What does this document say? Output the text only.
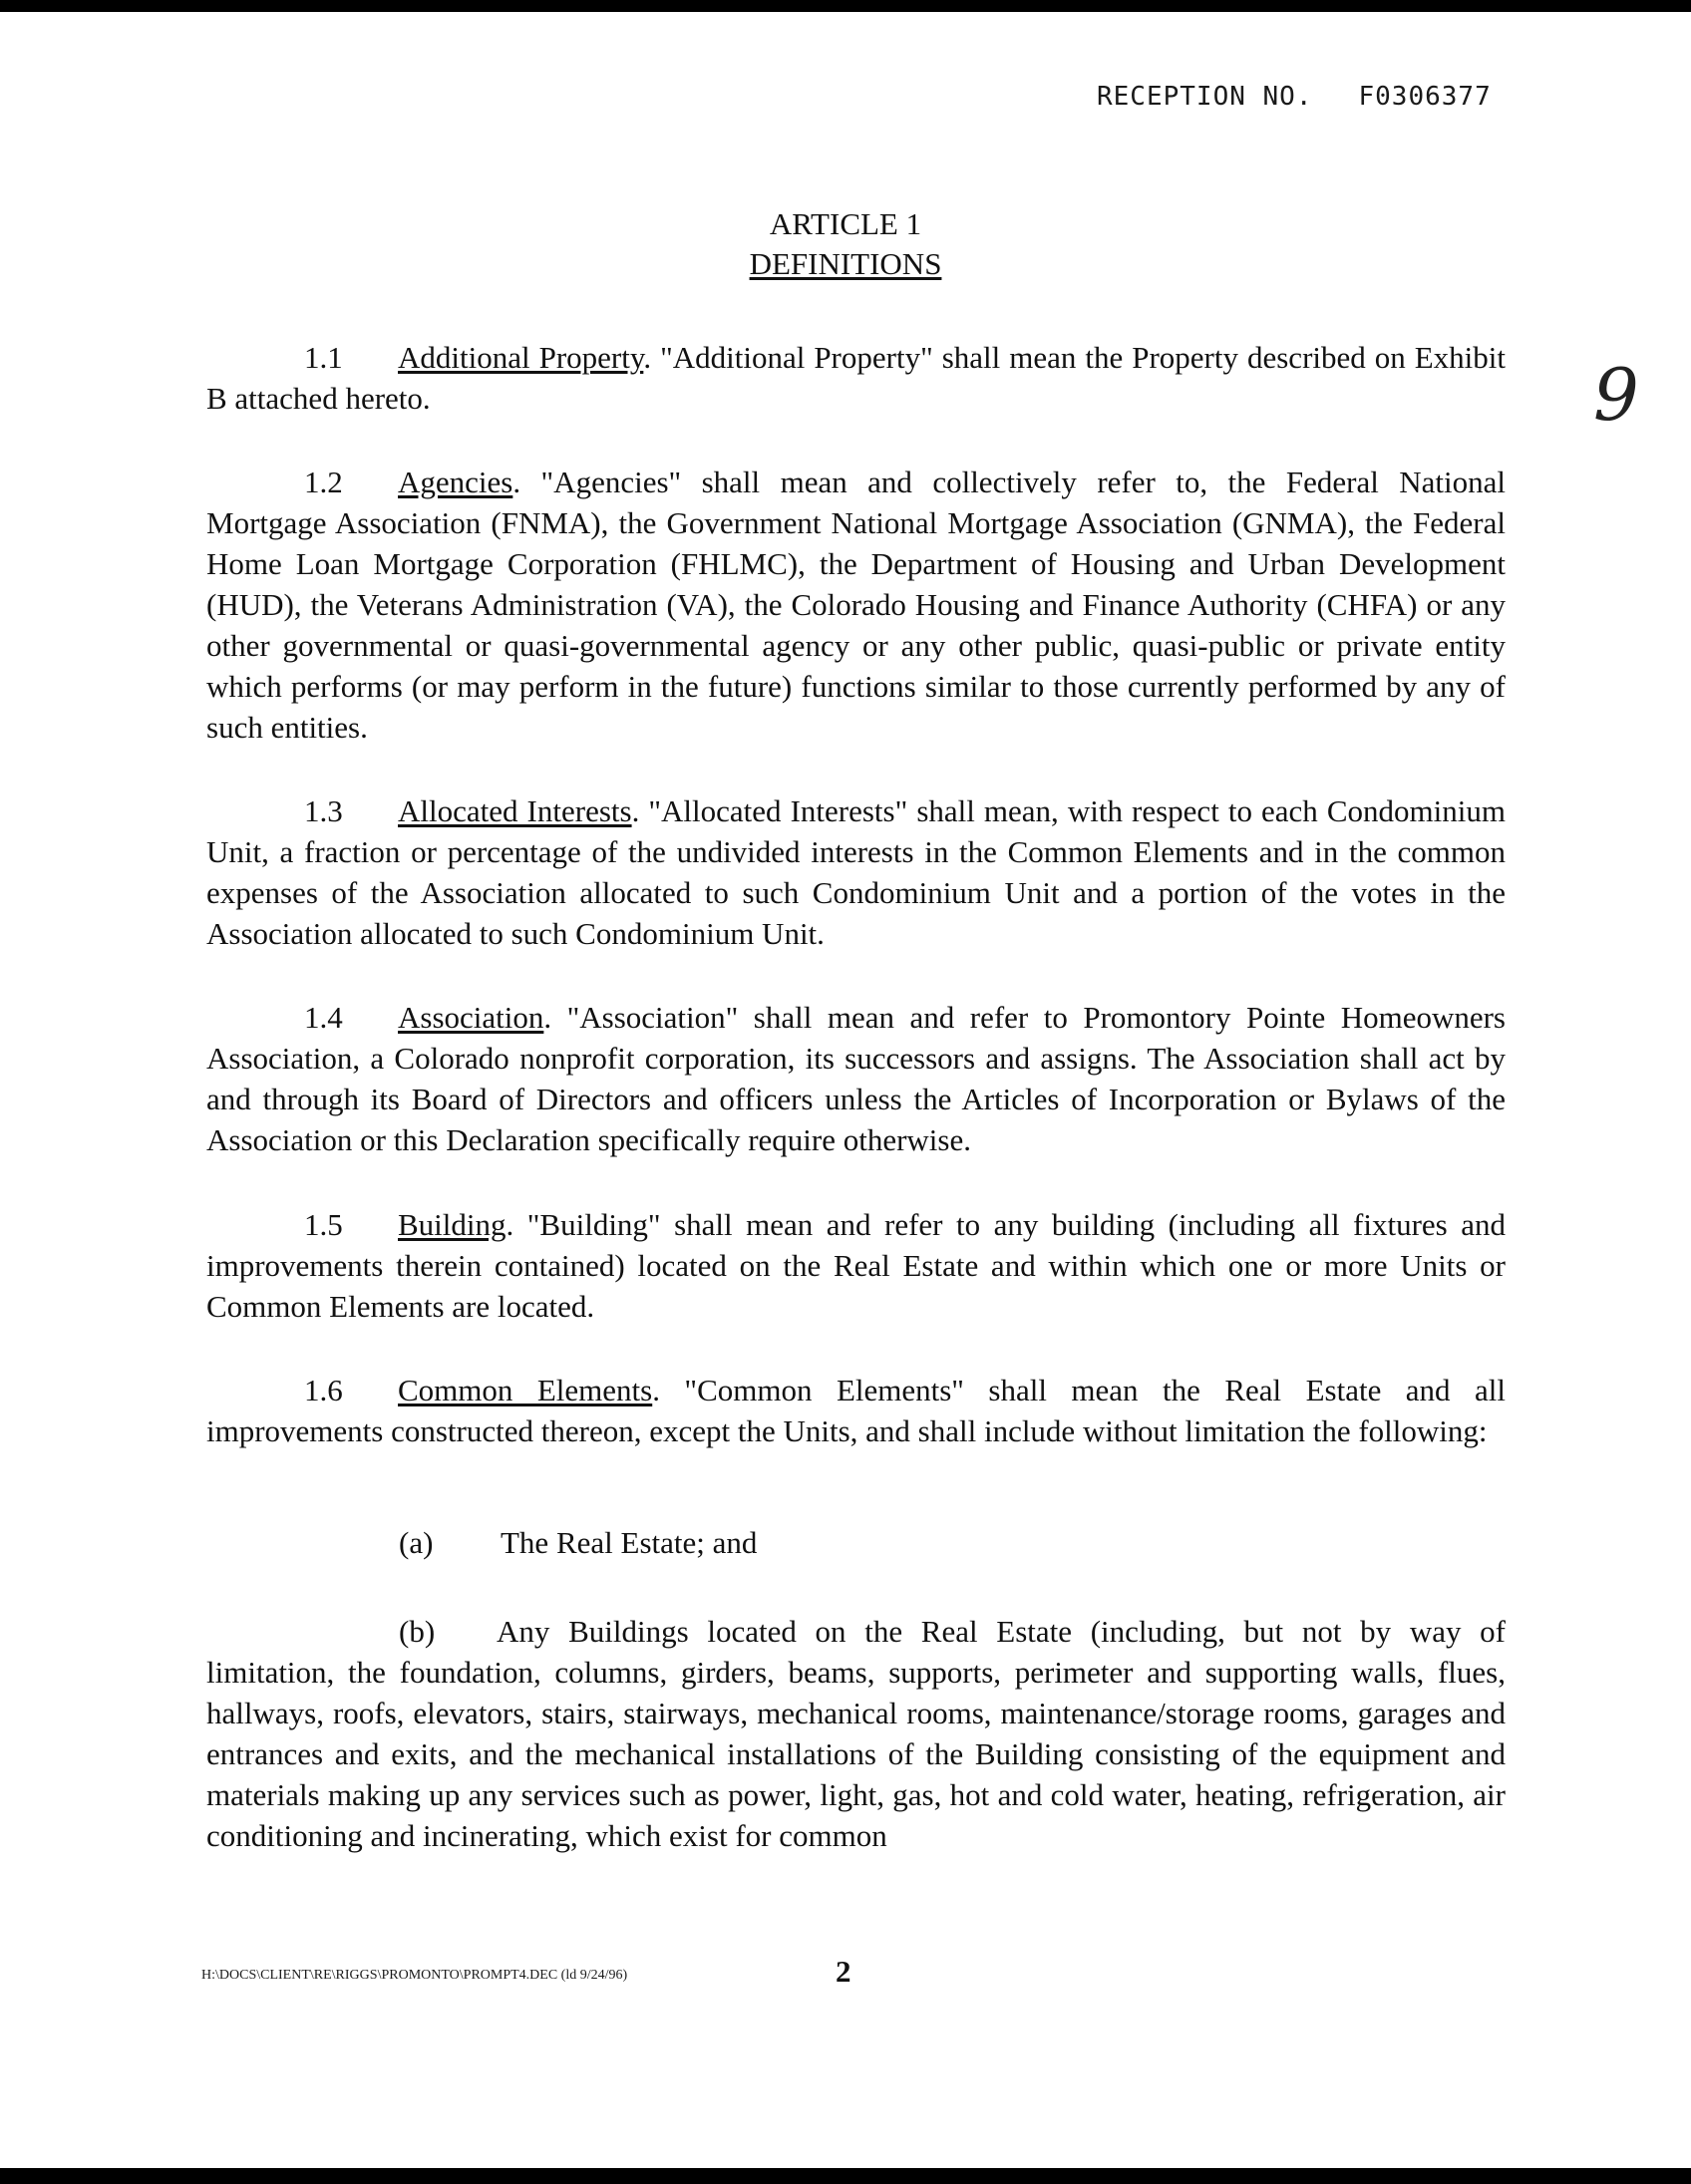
RECEPTION NO. F0306377
ARTICLE 1
DEFINITIONS
9

1.1 Additional Property. "Additional Property" shall mean the Property described on Exhibit B attached hereto.

1.2 Agencies. "Agencies" shall mean and collectively refer to, the Federal National Mortgage Association (FNMA), the Government National Mortgage Association (GNMA), the Federal Home Loan Mortgage Corporation (FHLMC), the Department of Housing and Urban Development (HUD), the Veterans Administration (VA), the Colorado Housing and Finance Authority (CHFA) or any other governmental or quasi-governmental agency or any other public, quasi-public or private entity which performs (or may perform in the future) functions similar to those currently performed by any of such entities.

1.3 Allocated Interests. "Allocated Interests" shall mean, with respect to each Condominium Unit, a fraction or percentage of the undivided interests in the Common Elements and in the common expenses of the Association allocated to such Condominium Unit and a portion of the votes in the Association allocated to such Condominium Unit.

1.4 Association. "Association" shall mean and refer to Promontory Pointe Homeowners Association, a Colorado nonprofit corporation, its successors and assigns. The Association shall act by and through its Board of Directors and officers unless the Articles of Incorporation or Bylaws of the Association or this Declaration specifically require otherwise.

1.5 Building. "Building" shall mean and refer to any building (including all fixtures and improvements therein contained) located on the Real Estate and within which one or more Units or Common Elements are located.

1.6 Common Elements. "Common Elements" shall mean the Real Estate and all improvements constructed thereon, except the Units, and shall include without limitation the following:

(a) The Real Estate; and

(b) Any Buildings located on the Real Estate (including, but not by way of limitation, the foundation, columns, girders, beams, supports, perimeter and supporting walls, flues, hallways, roofs, elevators, stairs, stairways, mechanical rooms, maintenance/storage rooms, garages and entrances and exits, and the mechanical installations of the Building consisting of the equipment and materials making up any services such as power, light, gas, hot and cold water, heating, refrigeration, air conditioning and incinerating, which exist for common

H:\DOCS\CLIENT\RE\RIGGS\PROMONTO\PROMPT4.DEC (ld 9/24/96)	2
